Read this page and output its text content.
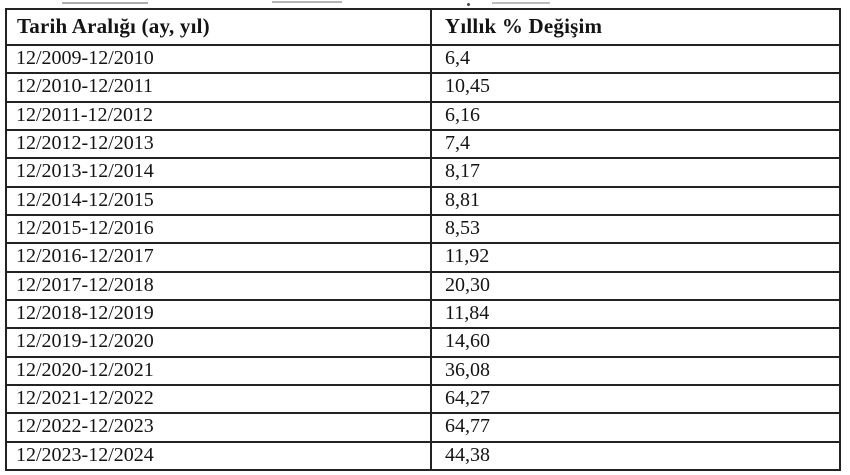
Tarih Aralığı (ay, yıl)	Yıllık % Değişim
12/2009-12/2010	6,4
12/2010-12/2011	10,45
12/2011-12/2012	6,16
12/2012-12/2013	7,4
12/2013-12/2014	8,17
12/2014-12/2015	8,81
12/2015-12/2016	8,53
12/2016-12/2017	11,92
12/2017-12/2018	20,30
12/2018-12/2019	11,84
12/2019-12/2020	14,60
12/2020-12/2021	36,08
12/2021-12/2022	64,27
12/2022-12/2023	64,77
12/2023-12/2024	44,38
